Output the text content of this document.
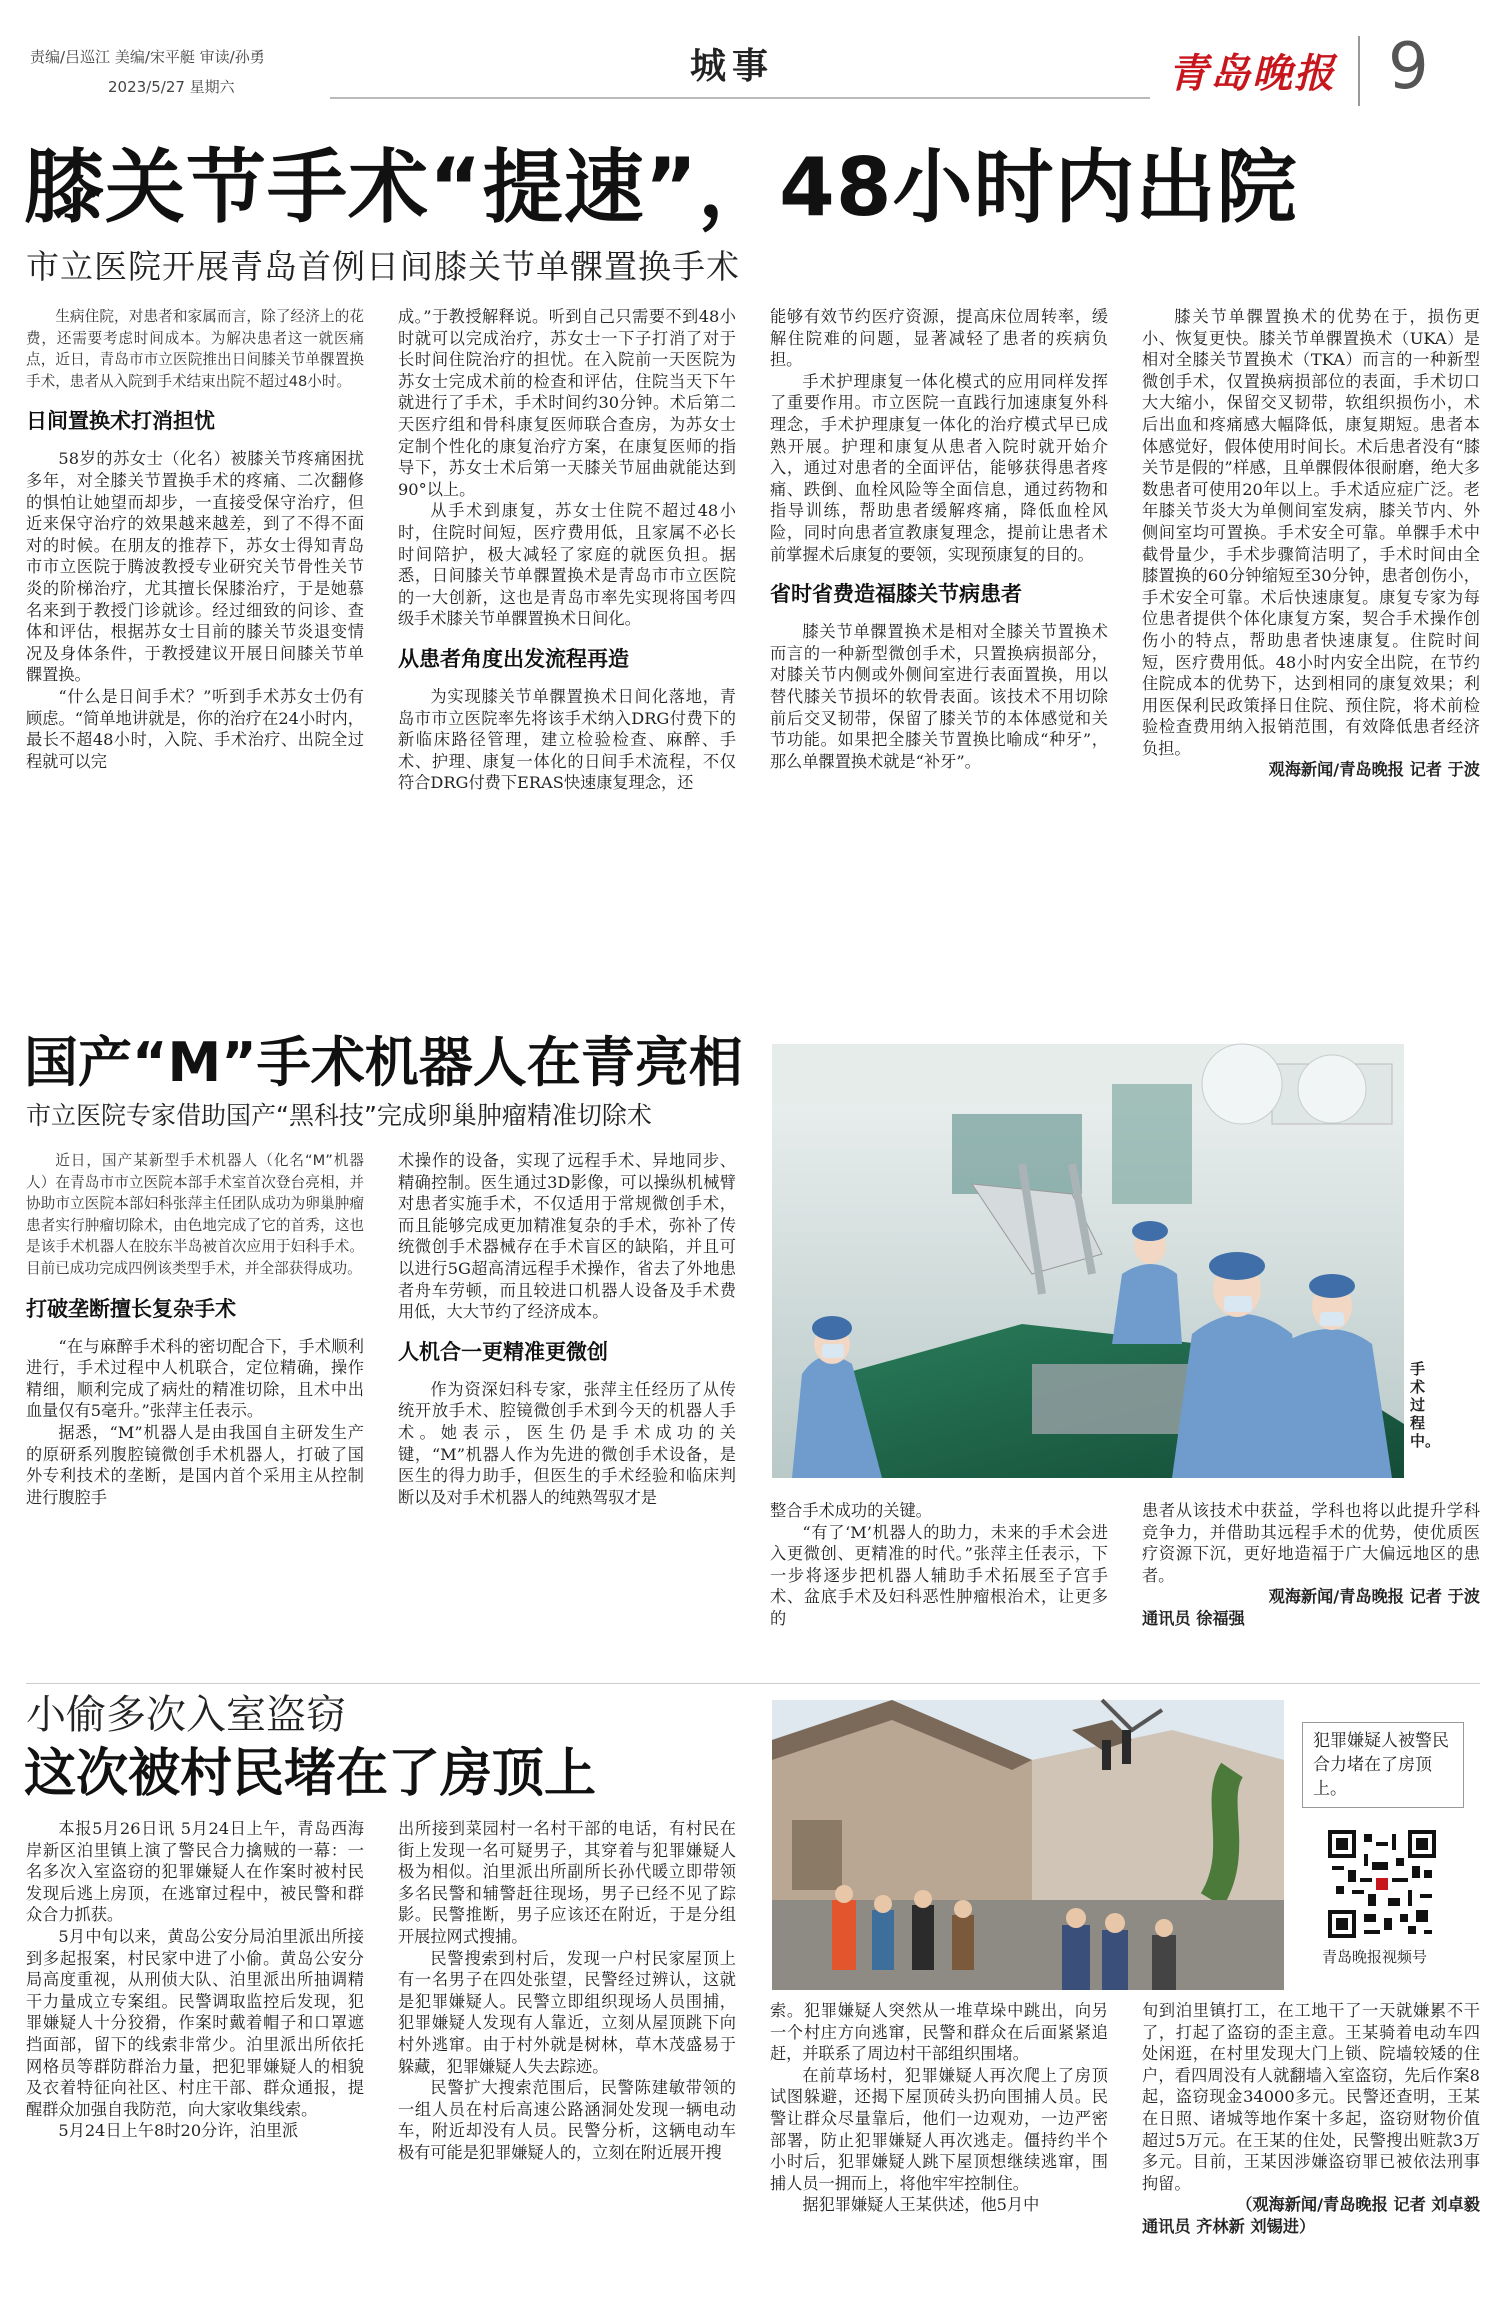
责编/吕巡江 美编/宋平艇 审读/孙勇
2023/5/27 星期六	城事	青岛晚报 9
膝关节手术“提速”，48小时内出院
市立医院开展青岛首例日间膝关节单髁置换手术

生病住院，对患者和家属而言，除了经济上的花费，还需要考虑时间成本。为解决患者这一就医痛点，近日，青岛市市立医院推出日间膝关节单髁置换手术，患者从入院到手术结束出院不超过48小时。

日间置换术打消担忧

58岁的苏女士（化名）被膝关节疼痛困扰多年，对全膝关节置换手术的疼痛、二次翻修的惧怕让她望而却步，一直接受保守治疗，但近来保守治疗的效果越来越差，到了不得不面对的时候。在朋友的推荐下，苏女士得知青岛市市立医院于腾波教授专业研究关节骨性关节炎的阶梯治疗，尤其擅长保膝治疗，于是她慕名来到于教授门诊就诊。经过细致的问诊、查体和评估，根据苏女士目前的膝关节炎退变情况及身体条件，于教授建议开展日间膝关节单髁置换。

“什么是日间手术？”听到手术苏女士仍有顾虑。“简单地讲就是，你的治疗在24小时内，最长不超48小时，入院、手术治疗、出院全过程就可以完

成。”于教授解释说。听到自己只需要不到48小时就可以完成治疗，苏女士一下子打消了对于长时间住院治疗的担忧。在入院前一天医院为苏女士完成术前的检查和评估，住院当天下午就进行了手术，手术时间约30分钟。术后第二天医疗组和骨科康复医师联合查房，为苏女士定制个性化的康复治疗方案，在康复医师的指导下，苏女士术后第一天膝关节屈曲就能达到90°以上。

从手术到康复，苏女士住院不超过48小时，住院时间短，医疗费用低，且家属不必长时间陪护，极大减轻了家庭的就医负担。据悉，日间膝关节单髁置换术是青岛市市立医院的一大创新，这也是青岛市率先实现将国考四级手术膝关节单髁置换术日间化。

从患者角度出发流程再造

为实现膝关节单髁置换术日间化落地，青岛市市立医院率先将该手术纳入DRG付费下的新临床路径管理，建立检验检查、麻醉、手术、护理、康复一体化的日间手术流程，不仅符合DRG付费下ERAS快速康复理念，还

能够有效节约医疗资源，提高床位周转率，缓解住院难的问题，显著减轻了患者的疾病负担。

手术护理康复一体化模式的应用同样发挥了重要作用。市立医院一直践行加速康复外科理念，手术护理康复一体化的治疗模式早已成熟开展。护理和康复从患者入院时就开始介入，通过对患者的全面评估，能够获得患者疼痛、跌倒、血栓风险等全面信息，通过药物和指导训练，帮助患者缓解疼痛，降低血栓风险，同时向患者宣教康复理念，提前让患者术前掌握术后康复的要领，实现预康复的目的。

省时省费造福膝关节病患者

膝关节单髁置换术是相对全膝关节置换术而言的一种新型微创手术，只置换病损部分，对膝关节内侧或外侧间室进行表面置换，用以替代膝关节损坏的软骨表面。该技术不用切除前后交叉韧带，保留了膝关节的本体感觉和关节功能。如果把全膝关节置换比喻成“种牙”，那么单髁置换术就是“补牙”。

膝关节单髁置换术的优势在于，损伤更小、恢复更快。膝关节单髁置换术（UKA）是相对全膝关节置换术（TKA）而言的一种新型微创手术，仅置换病损部位的表面，手术切口大大缩小，保留交叉韧带，软组织损伤小，术后出血和疼痛感大幅降低，康复期短。患者本体感觉好，假体使用时间长。术后患者没有“膝关节是假的”样感，且单髁假体很耐磨，绝大多数患者可使用20年以上。手术适应症广泛。老年膝关节炎大为单侧间室发病，膝关节内、外侧间室均可置换。手术安全可靠。单髁手术中截骨量少，手术步骤简洁明了，手术时间由全膝置换的60分钟缩短至30分钟，患者创伤小，手术安全可靠。术后快速康复。康复专家为每位患者提供个体化康复方案，契合手术操作创伤小的特点，帮助患者快速康复。住院时间短，医疗费用低。48小时内安全出院，在节约住院成本的优势下，达到相同的康复效果；利用医保利民政策择日住院、预住院，将术前检验检查费用纳入报销范围，有效降低患者经济负担。

观海新闻/青岛晚报 记者 于波

国产“M”手术机器人在青亮相
市立医院专家借助国产“黑科技”完成卵巢肿瘤精准切除术
手术过程中。

近日，国产某新型手术机器人（化名“M”机器人）在青岛市市立医院本部手术室首次登台亮相，并协助市立医院本部妇科张萍主任团队成功为卵巢肿瘤患者实行肿瘤切除术，由色地完成了它的首秀，这也是该手术机器人在胶东半岛被首次应用于妇科手术。目前已成功完成四例该类型手术，并全部获得成功。

打破垄断擅长复杂手术

“在与麻醉手术科的密切配合下，手术顺利进行，手术过程中人机联合，定位精确，操作精细，顺利完成了病灶的精准切除，且术中出血量仅有5毫升。”张萍主任表示。

据悉，“M”机器人是由我国自主研发生产的原研系列腹腔镜微创手术机器人，打破了国外专利技术的垄断，是国内首个采用主从控制进行腹腔手

术操作的设备，实现了远程手术、异地同步、精确控制。医生通过3D影像，可以操纵机械臂对患者实施手术，不仅适用于常规微创手术，而且能够完成更加精准复杂的手术，弥补了传统微创手术器械存在手术盲区的缺陷，并且可以进行5G超高清远程手术操作，省去了外地患者舟车劳顿，而且较进口机器人设备及手术费用低，大大节约了经济成本。

人机合一更精准更微创

作为资深妇科专家，张萍主任经历了从传统开放手术、腔镜微创手术到今天的机器人手术。她表示，医生仍是手术成功的关键，“M”机器人作为先进的微创手术设备，是医生的得力助手，但医生的手术经验和临床判断以及对手术机器人的纯熟驾驭才是

整合手术成功的关键。

“有了‘M’机器人的助力，未来的手术会进入更微创、更精准的时代。”张萍主任表示，下一步将逐步把机器人辅助手术拓展至子宫手术、盆底手术及妇科恶性肿瘤根治术，让更多的

患者从该技术中获益，学科也将以此提升学科竞争力，并借助其远程手术的优势，使优质医疗资源下沉，更好地造福于广大偏远地区的患者。

观海新闻/青岛晚报 记者 于波

通讯员 徐福强

小偷多次入室盗窃
这次被村民堵在了房顶上
犯罪嫌疑人被警民合力堵在了房顶上。
青岛晚报视频号

本报5月26日讯 5月24日上午，青岛西海岸新区泊里镇上演了警民合力擒贼的一幕：一名多次入室盗窃的犯罪嫌疑人在作案时被村民发现后逃上房顶，在逃窜过程中，被民警和群众合力抓获。

5月中旬以来，黄岛公安分局泊里派出所接到多起报案，村民家中进了小偷。黄岛公安分局高度重视，从刑侦大队、泊里派出所抽调精干力量成立专案组。民警调取监控后发现，犯罪嫌疑人十分狡猾，作案时戴着帽子和口罩遮挡面部，留下的线索非常少。泊里派出所依托网格员等群防群治力量，把犯罪嫌疑人的相貌及衣着特征向社区、村庄干部、群众通报，提醒群众加强自我防范，向大家收集线索。

5月24日上午8时20分许，泊里派

出所接到菜园村一名村干部的电话，有村民在街上发现一名可疑男子，其穿着与犯罪嫌疑人极为相似。泊里派出所副所长孙代暖立即带领多名民警和辅警赶往现场，男子已经不见了踪影。民警推断，男子应该还在附近，于是分组开展拉网式搜捕。

民警搜索到村后，发现一户村民家屋顶上有一名男子在四处张望，民警经过辨认，这就是犯罪嫌疑人。民警立即组织现场人员围捕，犯罪嫌疑人发现有人靠近，立刻从屋顶跳下向村外逃窜。由于村外就是树林，草木茂盛易于躲藏，犯罪嫌疑人失去踪迹。

民警扩大搜索范围后，民警陈建敏带领的一组人员在村后高速公路涵洞处发现一辆电动车，附近却没有人员。民警分析，这辆电动车极有可能是犯罪嫌疑人的，立刻在附近展开搜

索。犯罪嫌疑人突然从一堆草垛中跳出，向另一个村庄方向逃窜，民警和群众在后面紧紧追赶，并联系了周边村干部组织围堵。

在前草场村，犯罪嫌疑人再次爬上了房顶试图躲避，还揭下屋顶砖头扔向围捕人员。民警让群众尽量靠后，他们一边观劝，一边严密部署，防止犯罪嫌疑人再次逃走。僵持约半个小时后，犯罪嫌疑人跳下屋顶想继续逃窜，围捕人员一拥而上，将他牢牢控制住。

据犯罪嫌疑人王某供述，他5月中

旬到泊里镇打工，在工地干了一天就嫌累不干了，打起了盗窃的歪主意。王某骑着电动车四处闲逛，在村里发现大门上锁、院墙较矮的住户，看四周没有人就翻墙入室盗窃，先后作案8起，盗窃现金34000多元。民警还查明，王某在日照、诸城等地作案十多起，盗窃财物价值超过5万元。在王某的住处，民警搜出赃款3万多元。目前，王某因涉嫌盗窃罪已被依法刑事拘留。

（观海新闻/青岛晚报 记者 刘卓毅

通讯员 齐林新 刘锡进）
